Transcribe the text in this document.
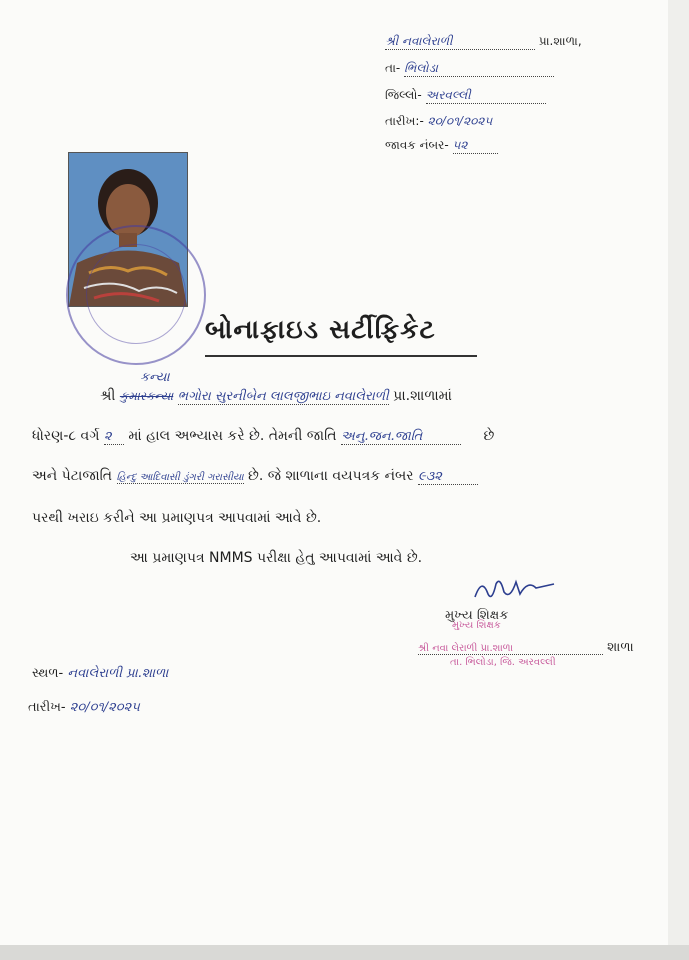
શ્રી નવાલેરાળી	પ્રા.શાળા,
તા- ભિલોડા
જિલ્લો- અરવલ્લી
તારીખ:- ૨૦/૦૧/૨૦૨૫
જાવક નંબર- ૫૨
બોનાફાઇડ સર્ટીફિકેટ
કન્યા
શ્રી કુમારકન્યા ભગોરા સુરનીબેન લાલજીભાઇ નવાલેરાળી પ્રા.શાળામાં
ધોરણ-૮ વર્ગ ૨ માં હાલ અભ્યાસ કરે છે. તેમની જાતિ અનુ.જન.જાતિ	છે
અને પેટાજાતિ હિન્દુ આદિવાસી ડુંગરી ગરાસીયા છે. જે શાળાના વયપત્રક નંબર ૯૩૨
પરથી ખરાઇ કરીને આ પ્રમાણપત્ર આપવામાં આવે છે.
આ પ્રમાણપત્ર NMMS પરીક્ષા હેતુ આપવામાં આવે છે.
મુખ્ય શિક્ષક
મુખ્ય શિક્ષક
શ્રી નવા લેરાળી પ્રા.શાળા	શાળા
તા. ભિલોડા, જિ. અરવલ્લી
સ્થળ- નવાલેરાળી પ્રા.શાળા
તારીખ- ૨૦/૦૧/૨૦૨૫
